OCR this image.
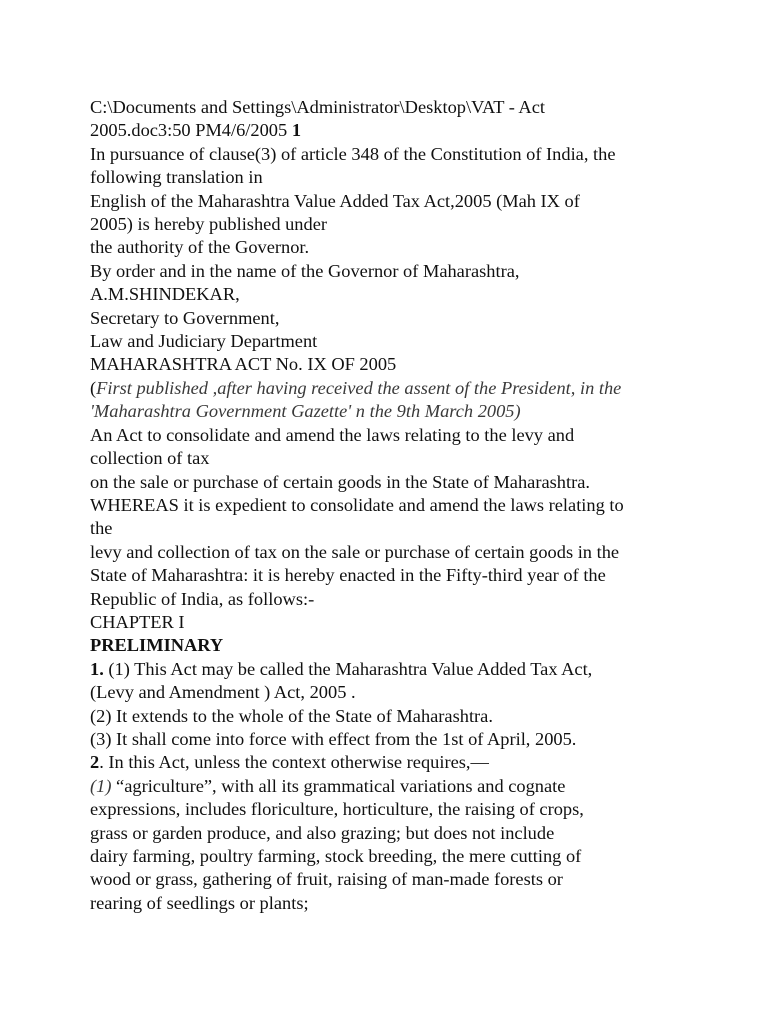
C:\Documents and Settings\Administrator\Desktop\VAT - Act
2005.doc3:50 PM4/6/2005 1
In pursuance of clause(3) of article 348 of the Constitution of India, the
following translation in
English of the Maharashtra Value Added Tax Act,2005 (Mah IX of
2005) is hereby published under
the authority of the Governor.
By order and in the name of the Governor of Maharashtra,
A.M.SHINDEKAR,
Secretary to Government,
Law and Judiciary Department
MAHARASHTRA ACT No. IX OF 2005
(First published ,after having received the assent of the President, in the
'Maharashtra Government Gazette' n the 9th March 2005)
An Act to consolidate and amend the laws relating to the levy and
collection of tax
on the sale or purchase of certain goods in the State of Maharashtra.
WHEREAS it is expedient to consolidate and amend the laws relating to
the
levy and collection of tax on the sale or purchase of certain goods in the
State of Maharashtra: it is hereby enacted in the Fifty-third year of the
Republic of India, as follows:-
CHAPTER I
PRELIMINARY
1. (1) This Act may be called the Maharashtra Value Added Tax Act,
(Levy and Amendment ) Act, 2005 .
(2) It extends to the whole of the State of Maharashtra.
(3) It shall come into force with effect from the 1st of April, 2005.
2. In this Act, unless the context otherwise requires,—
(1) “agriculture”, with all its grammatical variations and cognate
expressions, includes floriculture, horticulture, the raising of crops,
grass or garden produce, and also grazing; but does not include
dairy farming, poultry farming, stock breeding, the mere cutting of
wood or grass, gathering of fruit, raising of man-made forests or
rearing of seedlings or plants;
